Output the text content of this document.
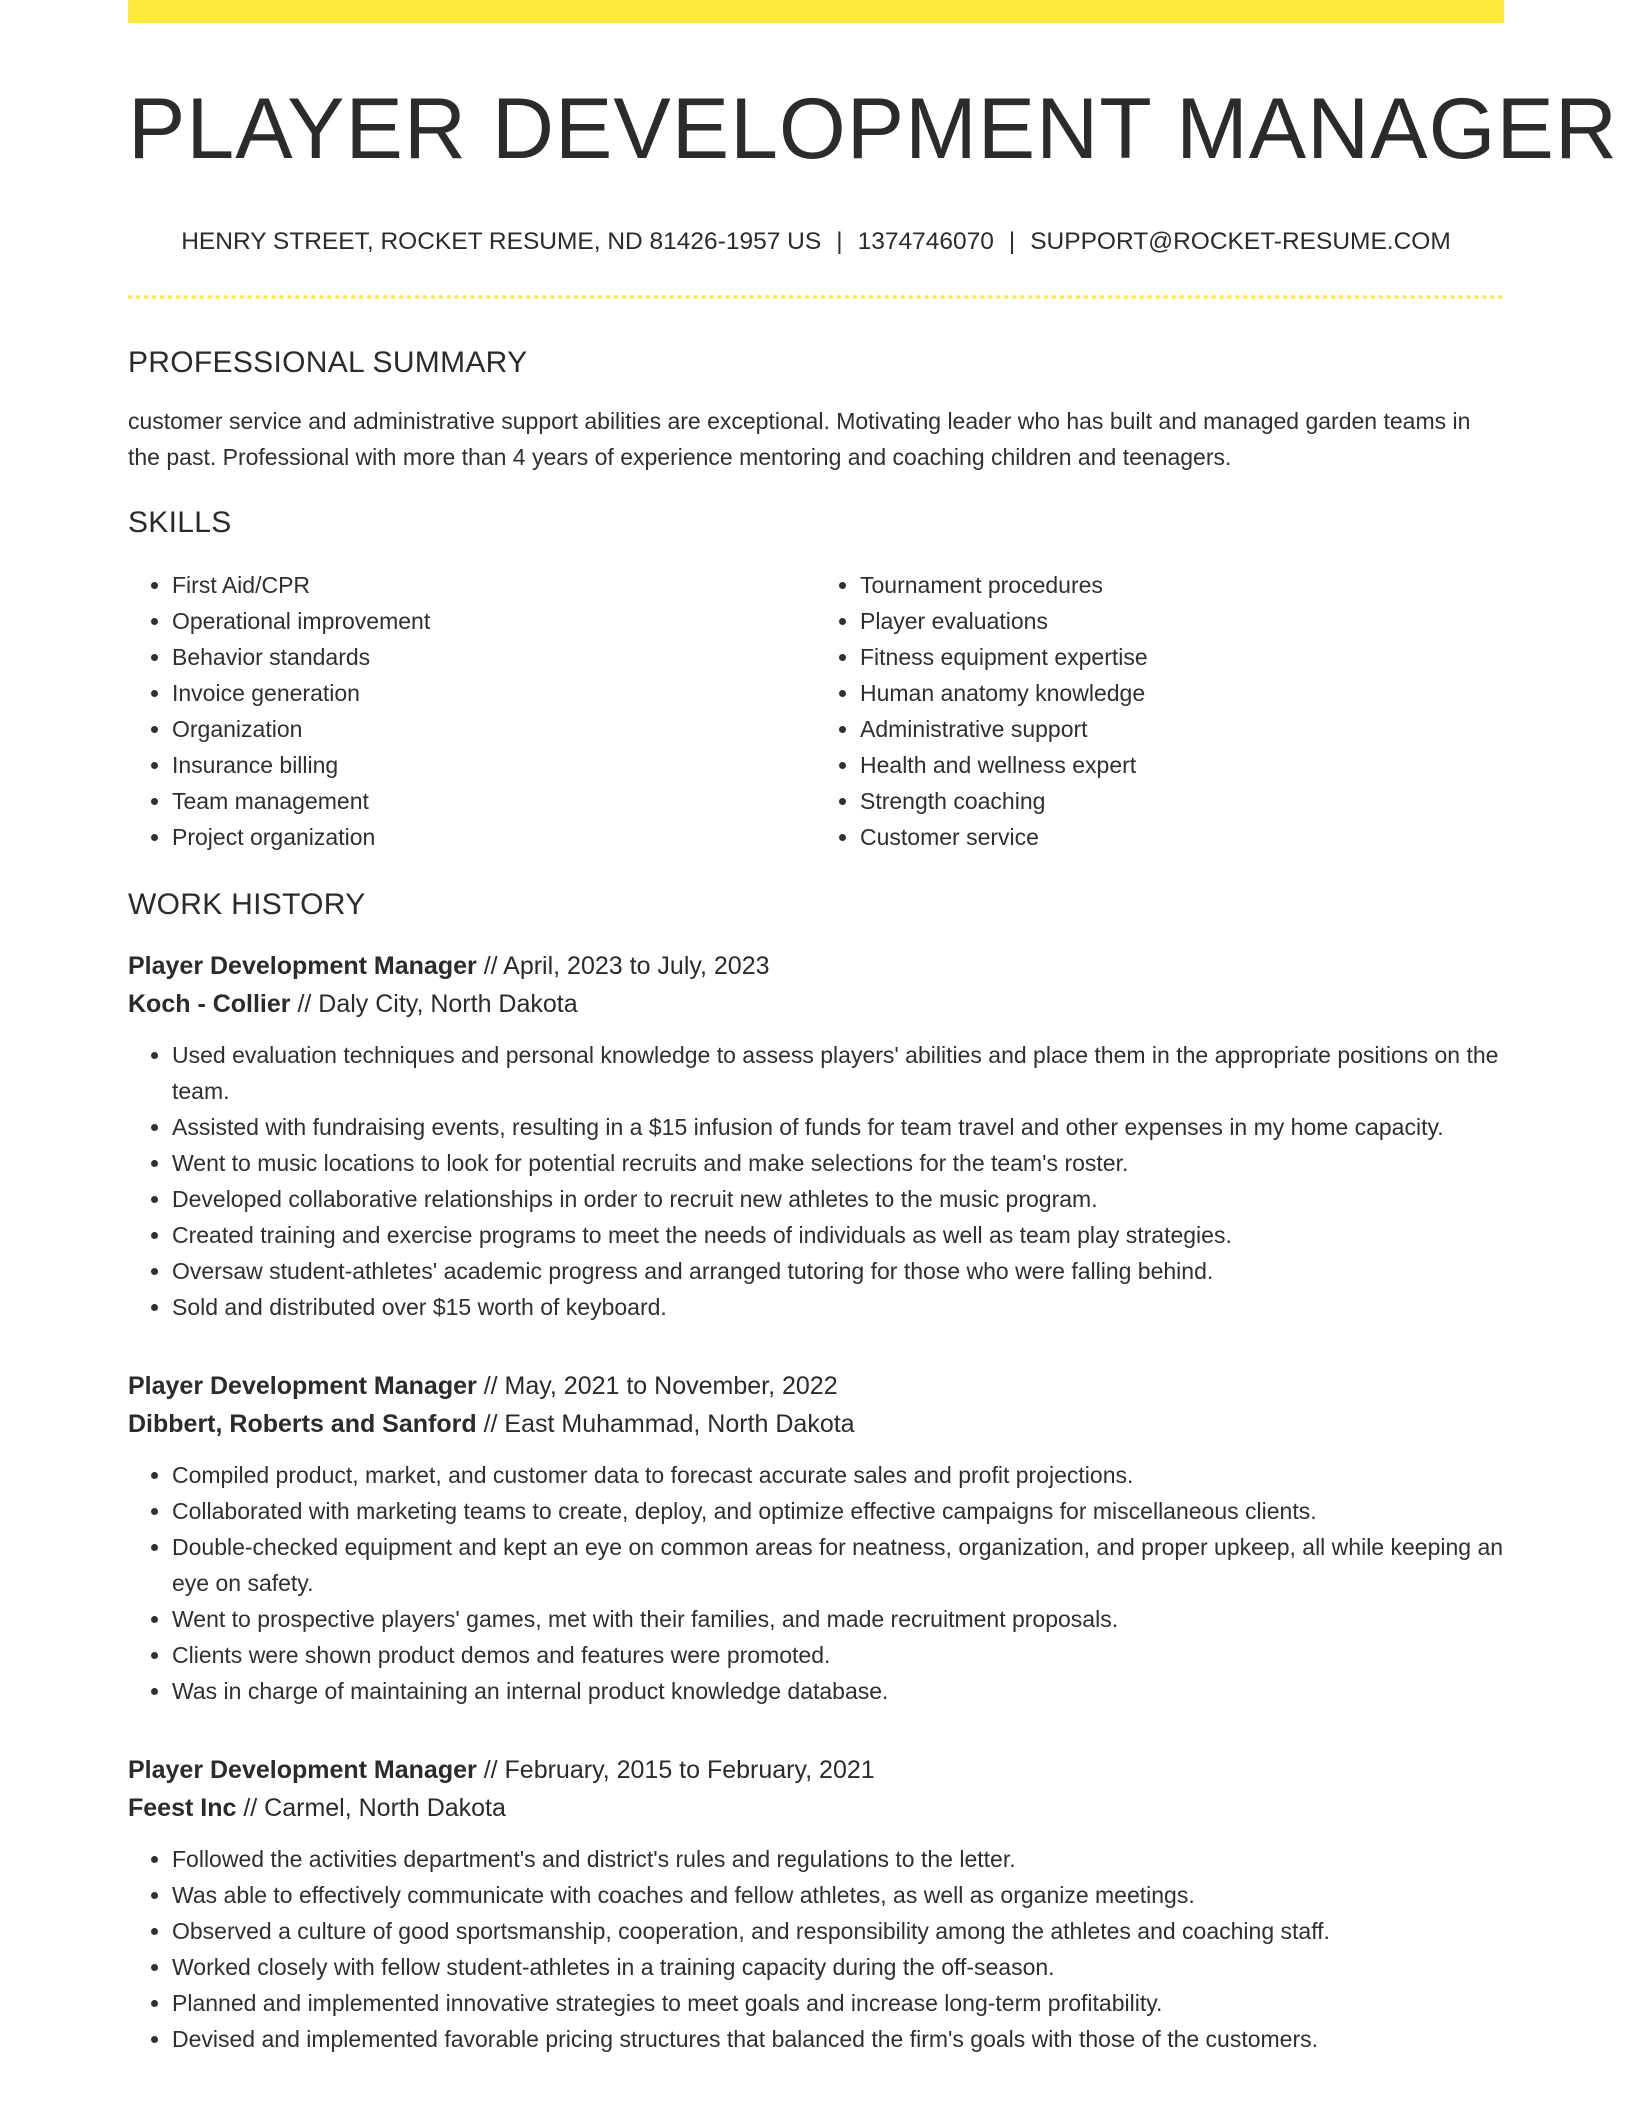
PLAYER DEVELOPMENT MANAGER
HENRY STREET, ROCKET RESUME, ND 81426-1957 US | 1374746070 | SUPPORT@ROCKET-RESUME.COM
PROFESSIONAL SUMMARY

customer service and administrative support abilities are exceptional. Motivating leader who has built and managed garden teams in the past. Professional with more than 4 years of experience mentoring and coaching children and teenagers.

SKILLS
• First Aid/CPR
• Operational improvement
• Behavior standards
• Invoice generation
• Organization
• Insurance billing
• Team management
• Project organization
• Tournament procedures
• Player evaluations
• Fitness equipment expertise
• Human anatomy knowledge
• Administrative support
• Health and wellness expert
• Strength coaching
• Customer service
WORK HISTORY
Player Development Manager // April, 2023 to July, 2023
Koch - Collier // Daly City, North Dakota
• Used evaluation techniques and personal knowledge to assess players' abilities and place them in the appropriate positions on the team.
• Assisted with fundraising events, resulting in a $15 infusion of funds for team travel and other expenses in my home capacity.
• Went to music locations to look for potential recruits and make selections for the team's roster.
• Developed collaborative relationships in order to recruit new athletes to the music program.
• Created training and exercise programs to meet the needs of individuals as well as team play strategies.
• Oversaw student-athletes' academic progress and arranged tutoring for those who were falling behind.
• Sold and distributed over $15 worth of keyboard.
Player Development Manager // May, 2021 to November, 2022
Dibbert, Roberts and Sanford // East Muhammad, North Dakota
• Compiled product, market, and customer data to forecast accurate sales and profit projections.
• Collaborated with marketing teams to create, deploy, and optimize effective campaigns for miscellaneous clients.
• Double-checked equipment and kept an eye on common areas for neatness, organization, and proper upkeep, all while keeping an eye on safety.
• Went to prospective players' games, met with their families, and made recruitment proposals.
• Clients were shown product demos and features were promoted.
• Was in charge of maintaining an internal product knowledge database.
Player Development Manager // February, 2015 to February, 2021
Feest Inc // Carmel, North Dakota
• Followed the activities department's and district's rules and regulations to the letter.
• Was able to effectively communicate with coaches and fellow athletes, as well as organize meetings.
• Observed a culture of good sportsmanship, cooperation, and responsibility among the athletes and coaching staff.
• Worked closely with fellow student-athletes in a training capacity during the off-season.
• Planned and implemented innovative strategies to meet goals and increase long-term profitability.
• Devised and implemented favorable pricing structures that balanced the firm's goals with those of the customers.
